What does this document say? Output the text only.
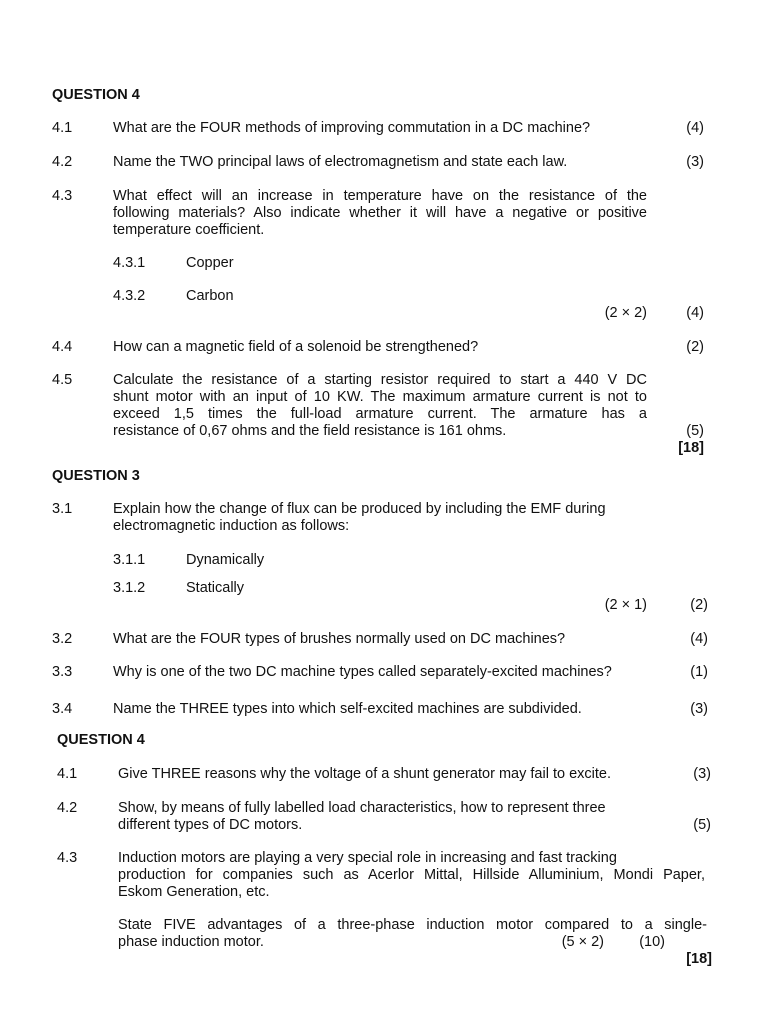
QUESTION 4
4.1	What are the FOUR methods of improving commutation in a DC machine?	(4)
4.2	Name the TWO principal laws of electromagnetism and state each law.	(3)
4.3	What effect will an increase in temperature have on the resistance of the
following materials? Also indicate whether it will have a negative or positive
temperature coefficient.
4.3.1	Copper
4.3.2	Carbon
(2 × 2)	(4)
4.4	How can a magnetic field of a solenoid be strengthened?	(2)
4.5	Calculate the resistance of a starting resistor required to start a 440 V DC
shunt motor with an input of 10 KW. The maximum armature current is not to
exceed 1,5 times the full-load armature current. The armature has a
resistance of 0,67 ohms and the field resistance is 161 ohms.	(5)
[18]
QUESTION 3
3.1	Explain how the change of flux can be produced by including the EMF during
electromagnetic induction as follows:
3.1.1	Dynamically
3.1.2	Statically
(2 × 1)	(2)
3.2	What are the FOUR types of brushes normally used on DC machines?	(4)
3.3	Why is one of the two DC machine types called separately-excited machines?	(1)
3.4	Name the THREE types into which self-excited machines are subdivided.	(3)
QUESTION 4
4.1	Give THREE reasons why the voltage of a shunt generator may fail to excite.	(3)
4.2	Show, by means of fully labelled load characteristics, how to represent three
different types of DC motors.	(5)
4.3	Induction motors are playing a very special role in increasing and fast tracking
production for companies such as Acerlor Mittal, Hillside Alluminium, Mondi Paper,
Eskom Generation, etc.
State FIVE advantages of a three-phase induction motor compared to a single-
phase induction motor.	(5 × 2) (10)
[18]
